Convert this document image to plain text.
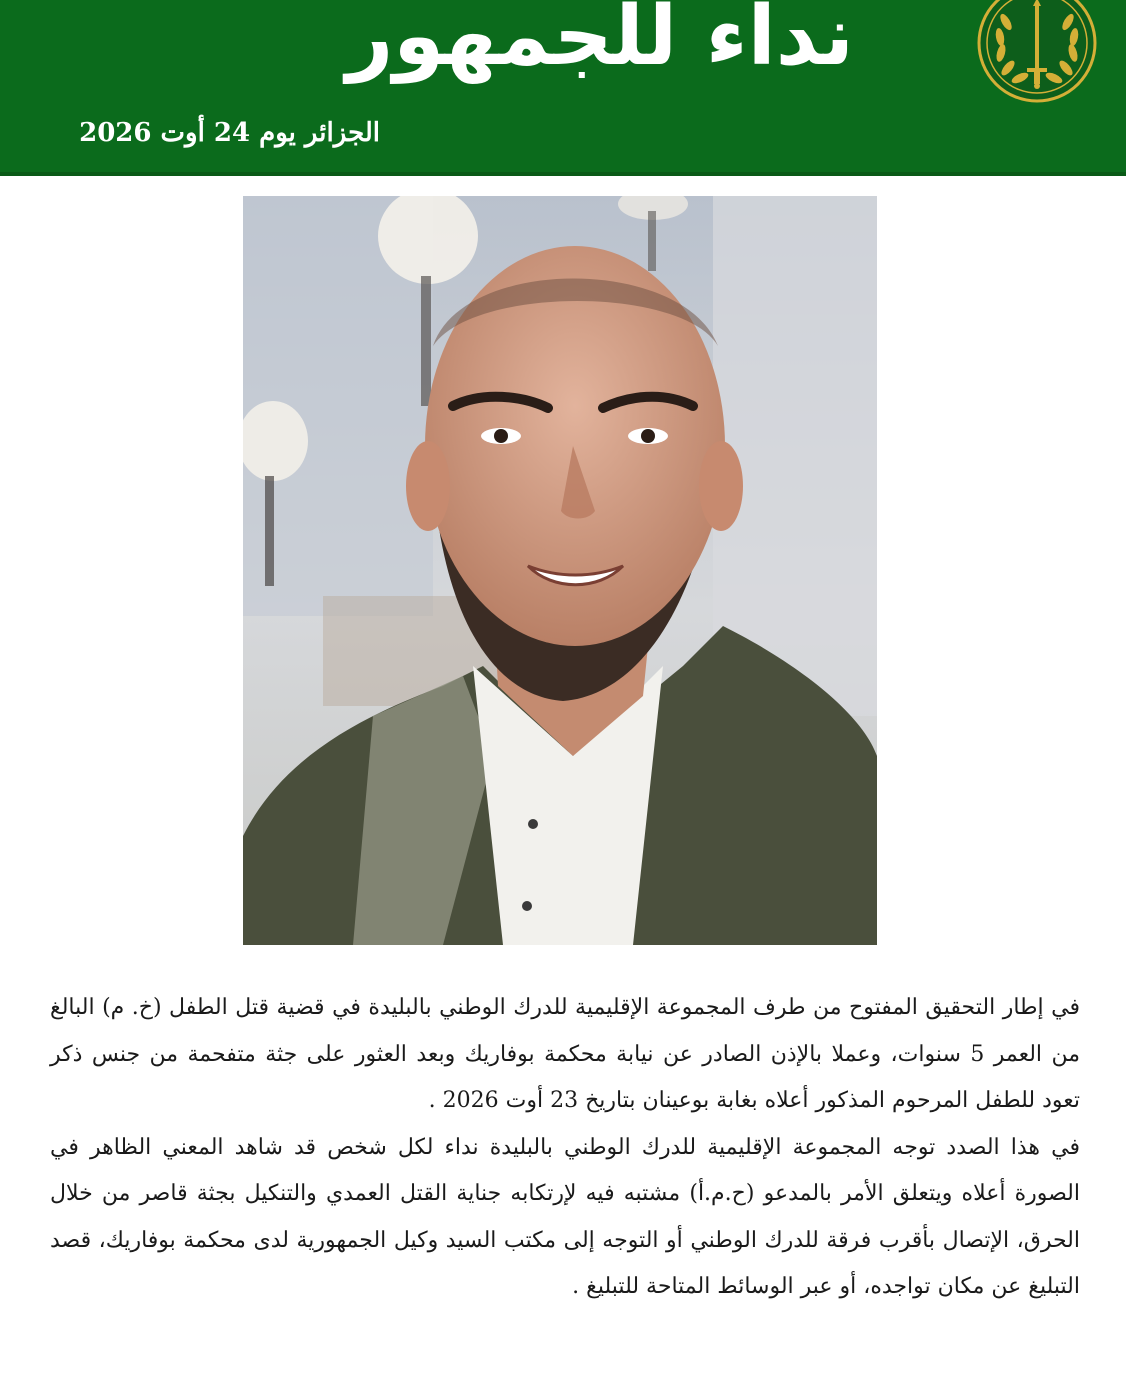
نداء للجمهور
الجزائر يوم 24 أوت 2026

في إطار التحقيق المفتوح من طرف المجموعة الإقليمية للدرك الوطني بالبليدة في قضية قتل الطفل (خ. م) البالغ من العمر 5 سنوات، وعملا بالإذن الصادر عن نيابة محكمة بوفاريك وبعد العثور على جثة متفحمة من جنس ذكر تعود للطفل المرحوم المذكور أعلاه بغابة بوعينان بتاريخ 23 أوت 2026 .

في هذا الصدد توجه المجموعة الإقليمية للدرك الوطني بالبليدة نداء لكل شخص قد شاهد المعني الظاهر في الصورة أعلاه ويتعلق الأمر بالمدعو (ح.م.أ) مشتبه فيه لإرتكابه جناية القتل العمدي والتنكيل بجثة قاصر من خلال الحرق، الإتصال بأقرب فرقة للدرك الوطني أو التوجه إلى مكتب السيد وكيل الجمهورية لدى محكمة بوفاريك، قصد التبليغ عن مكان تواجده، أو عبر الوسائط المتاحة للتبليغ .
